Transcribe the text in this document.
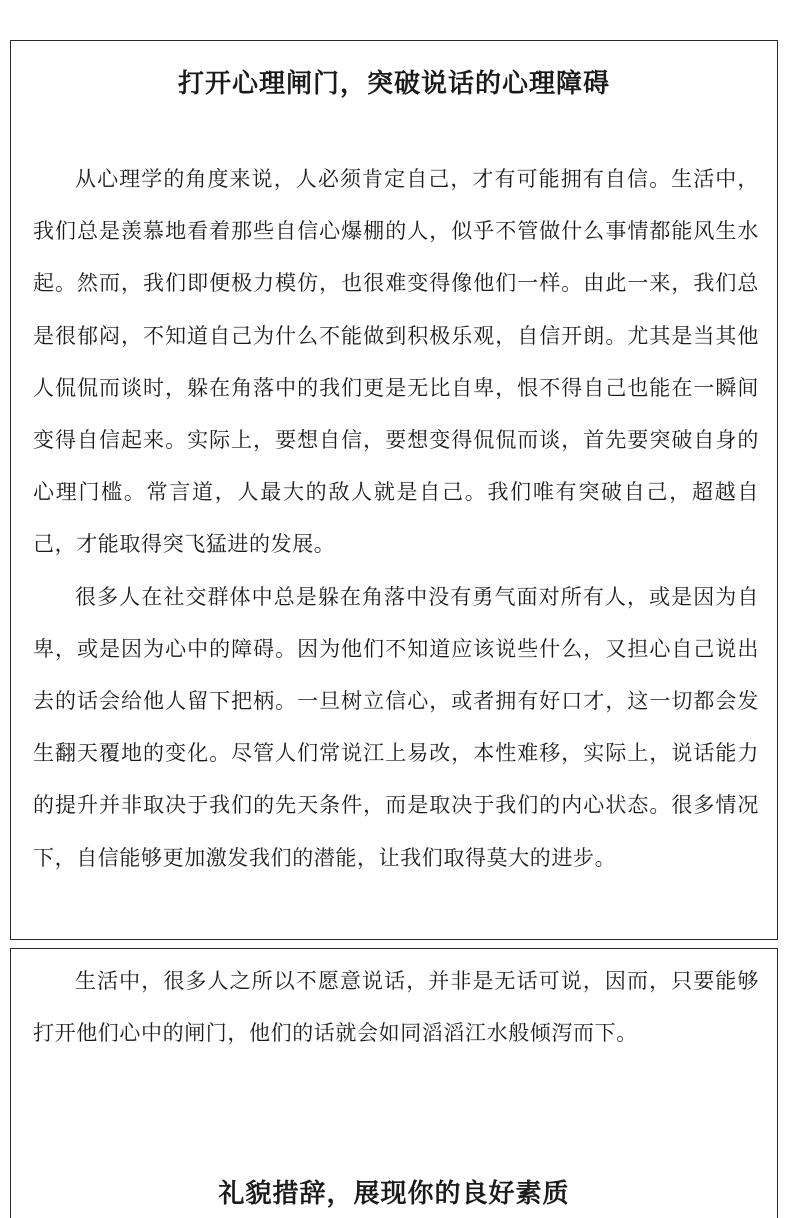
打开心理闸门，突破说话的心理障碍

从心理学的角度来说，人必须肯定自己，才有可能拥有自信。生活中，我们总是羡慕地看着那些自信心爆棚的人，似乎不管做什么事情都能风生水起。然而，我们即便极力模仿，也很难变得像他们一样。由此一来，我们总是很郁闷，不知道自己为什么不能做到积极乐观，自信开朗。尤其是当其他人侃侃而谈时，躲在角落中的我们更是无比自卑，恨不得自己也能在一瞬间变得自信起来。实际上，要想自信，要想变得侃侃而谈，首先要突破自身的心理门槛。常言道，人最大的敌人就是自己。我们唯有突破自己，超越自己，才能取得突飞猛进的发展。

很多人在社交群体中总是躲在角落中没有勇气面对所有人，或是因为自卑，或是因为心中的障碍。因为他们不知道应该说些什么，又担心自己说出去的话会给他人留下把柄。一旦树立信心，或者拥有好口才，这一切都会发生翻天覆地的变化。尽管人们常说江上易改，本性难移，实际上，说话能力的提升并非取决于我们的先天条件，而是取决于我们的内心状态。很多情况下，自信能够更加激发我们的潜能，让我们取得莫大的进步。

生活中，很多人之所以不愿意说话，并非是无话可说，因而，只要能够打开他们心中的闸门，他们的话就会如同滔滔江水般倾泻而下。

礼貌措辞，展现你的良好素质
